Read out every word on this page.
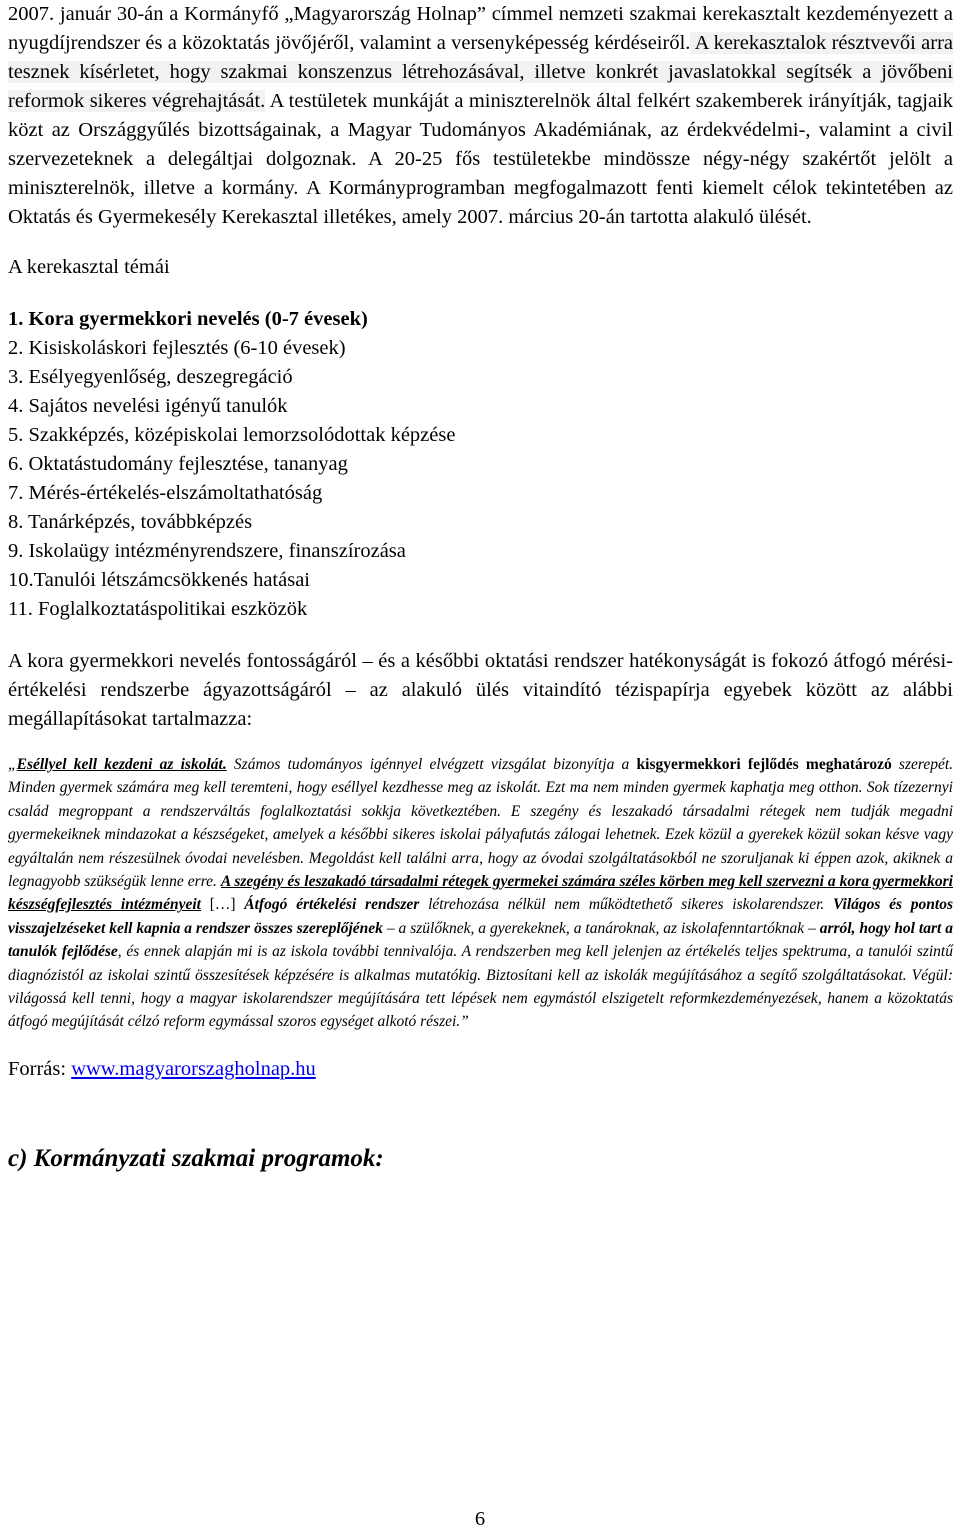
2007. január 30-án a Kormányfő „Magyarország Holnap” címmel nemzeti szakmai kerekasztalt kezdeményezett a nyugdíjrendszer és a közoktatás jövőjéről, valamint a versenyképesség kérdéseiről. A kerekasztalok résztvevői arra tesznek kísérletet, hogy szakmai konszenzus létrehozásával, illetve konkrét javaslatokkal segítsék a jövőbeni reformok sikeres végrehajtását. A testületek munkáját a miniszterelnök által felkért szakemberek irányítják, tagjaik közt az Országgyűlés bizottságainak, a Magyar Tudományos Akadémiának, az érdekvédelmi-, valamint a civil szervezeteknek a delegáltjai dolgoznak. A 20-25 fős testületekbe mindössze négy-négy szakértőt jelölt a miniszterelnök, illetve a kormány. A Kormányprogramban megfogalmazott fenti kiemelt célok tekintetében az Oktatás és Gyermekesély Kerekasztal illetékes, amely 2007. március 20-án tartotta alakuló ülését.

A kerekasztal témái

1. Kora gyermekkori nevelés (0-7 évesek)
2. Kisiskoláskori fejlesztés (6-10 évesek)
3. Esélyegyenlőség, deszegregáció
4. Sajátos nevelési igényű tanulók
5. Szakképzés, középiskolai lemorzsolódottak képzése
6. Oktatástudomány fejlesztése, tananyag
7. Mérés-értékelés-elszámoltathatóság
8. Tanárképzés, továbbképzés
9. Iskolaügy intézményrendszere, finanszírozása
10.Tanulói létszámcsökkenés hatásai
11. Foglalkoztatáspolitikai eszközök

A kora gyermekkori nevelés fontosságáról – és a későbbi oktatási rendszer hatékonyságát is fokozó átfogó mérési-értékelési rendszerbe ágyazottságáról – az alakuló ülés vitaindító tézispapírja egyebek között az alábbi megállapításokat tartalmazza:

„Eséllyel kell kezdeni az iskolát. Számos tudományos igénnyel elvégzett vizsgálat bizonyítja a kisgyermekkori fejlődés meghatározó szerepét. Minden gyermek számára meg kell teremteni, hogy eséllyel kezdhesse meg az iskolát. Ezt ma nem minden gyermek kaphatja meg otthon. Sok tízezernyi család megroppant a rendszerváltás foglalkoztatási sokkja következtében. E szegény és leszakadó társadalmi rétegek nem tudják megadni gyermekeiknek mindazokat a készségeket, amelyek a későbbi sikeres iskolai pályafutás zálogai lehetnek. Ezek közül a gyerekek közül sokan késve vagy egyáltalán nem részesülnek óvodai nevelésben. Megoldást kell találni arra, hogy az óvodai szolgáltatásokból ne szoruljanak ki éppen azok, akiknek a legnagyobb szükségük lenne erre. A szegény és leszakadó társadalmi rétegek gyermekei számára széles körben meg kell szervezni a kora gyermekkori készségfejlesztés intézményeit […] Átfogó értékelési rendszer létrehozása nélkül nem működtethető sikeres iskolarendszer. Világos és pontos visszajelzéseket kell kapnia a rendszer összes szereplőjének – a szülőknek, a gyerekeknek, a tanároknak, az iskolafenntartóknak – arról, hogy hol tart a tanulók fejlődése, és ennek alapján mi is az iskola további tennivalója. A rendszerben meg kell jelenjen az értékelés teljes spektruma, a tanulói szintű diagnózistól az iskolai szintű összesítések képzésére is alkalmas mutatókig. Biztosítani kell az iskolák megújításához a segítő szolgáltatásokat. Végül: világossá kell tenni, hogy a magyar iskolarendszer megújítására tett lépések nem egymástól elszigetelt reformkezdeményezések, hanem a közoktatás átfogó megújítását célzó reform egymással szoros egységet alkotó részei.”

Forrás: www.magyarorszagholnap.hu

c) Kormányzati szakmai programok:

6
